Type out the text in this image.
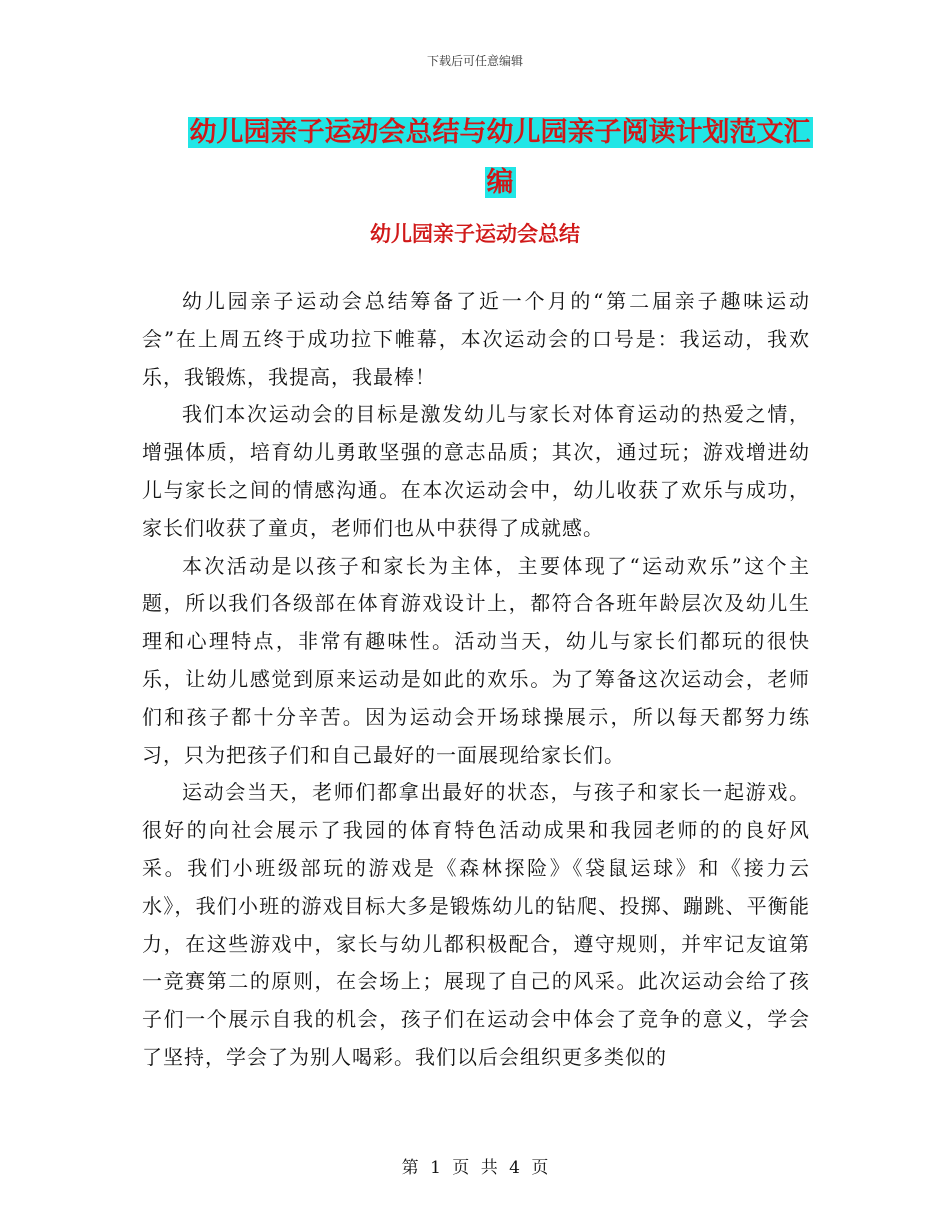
下载后可任意编辑
幼儿园亲子运动会总结与幼儿园亲子阅读计划范文汇
编
幼儿园亲子运动会总结

幼儿园亲子运动会总结筹备了近一个月的“第二届亲子趣味运动会”在上周五终于成功拉下帷幕，本次运动会的口号是：我运动，我欢乐，我锻炼，我提高，我最棒！

我们本次运动会的目标是激发幼儿与家长对体育运动的热爱之情，增强体质，培育幼儿勇敢坚强的意志品质；其次，通过玩；游戏增进幼儿与家长之间的情感沟通。在本次运动会中，幼儿收获了欢乐与成功，家长们收获了童贞，老师们也从中获得了成就感。

本次活动是以孩子和家长为主体，主要体现了“运动欢乐”这个主题，所以我们各级部在体育游戏设计上，都符合各班年龄层次及幼儿生理和心理特点，非常有趣味性。活动当天，幼儿与家长们都玩的很快乐，让幼儿感觉到原来运动是如此的欢乐。为了筹备这次运动会，老师们和孩子都十分辛苦。因为运动会开场球操展示，所以每天都努力练习，只为把孩子们和自己最好的一面展现给家长们。

运动会当天，老师们都拿出最好的状态，与孩子和家长一起游戏。很好的向社会展示了我园的体育特色活动成果和我园老师的的良好风采。我们小班级部玩的游戏是《森林探险》《袋鼠运球》和《接力云水》，我们小班的游戏目标大多是锻炼幼儿的钻爬、投掷、蹦跳、平衡能力，在这些游戏中，家长与幼儿都积极配合，遵守规则，并牢记友谊第一竞赛第二的原则，在会场上；展现了自己的风采。此次运动会给了孩子们一个展示自我的机会，孩子们在运动会中体会了竞争的意义，学会了坚持，学会了为别人喝彩。我们以后会组织更多类似的

第 1 页 共 4 页
